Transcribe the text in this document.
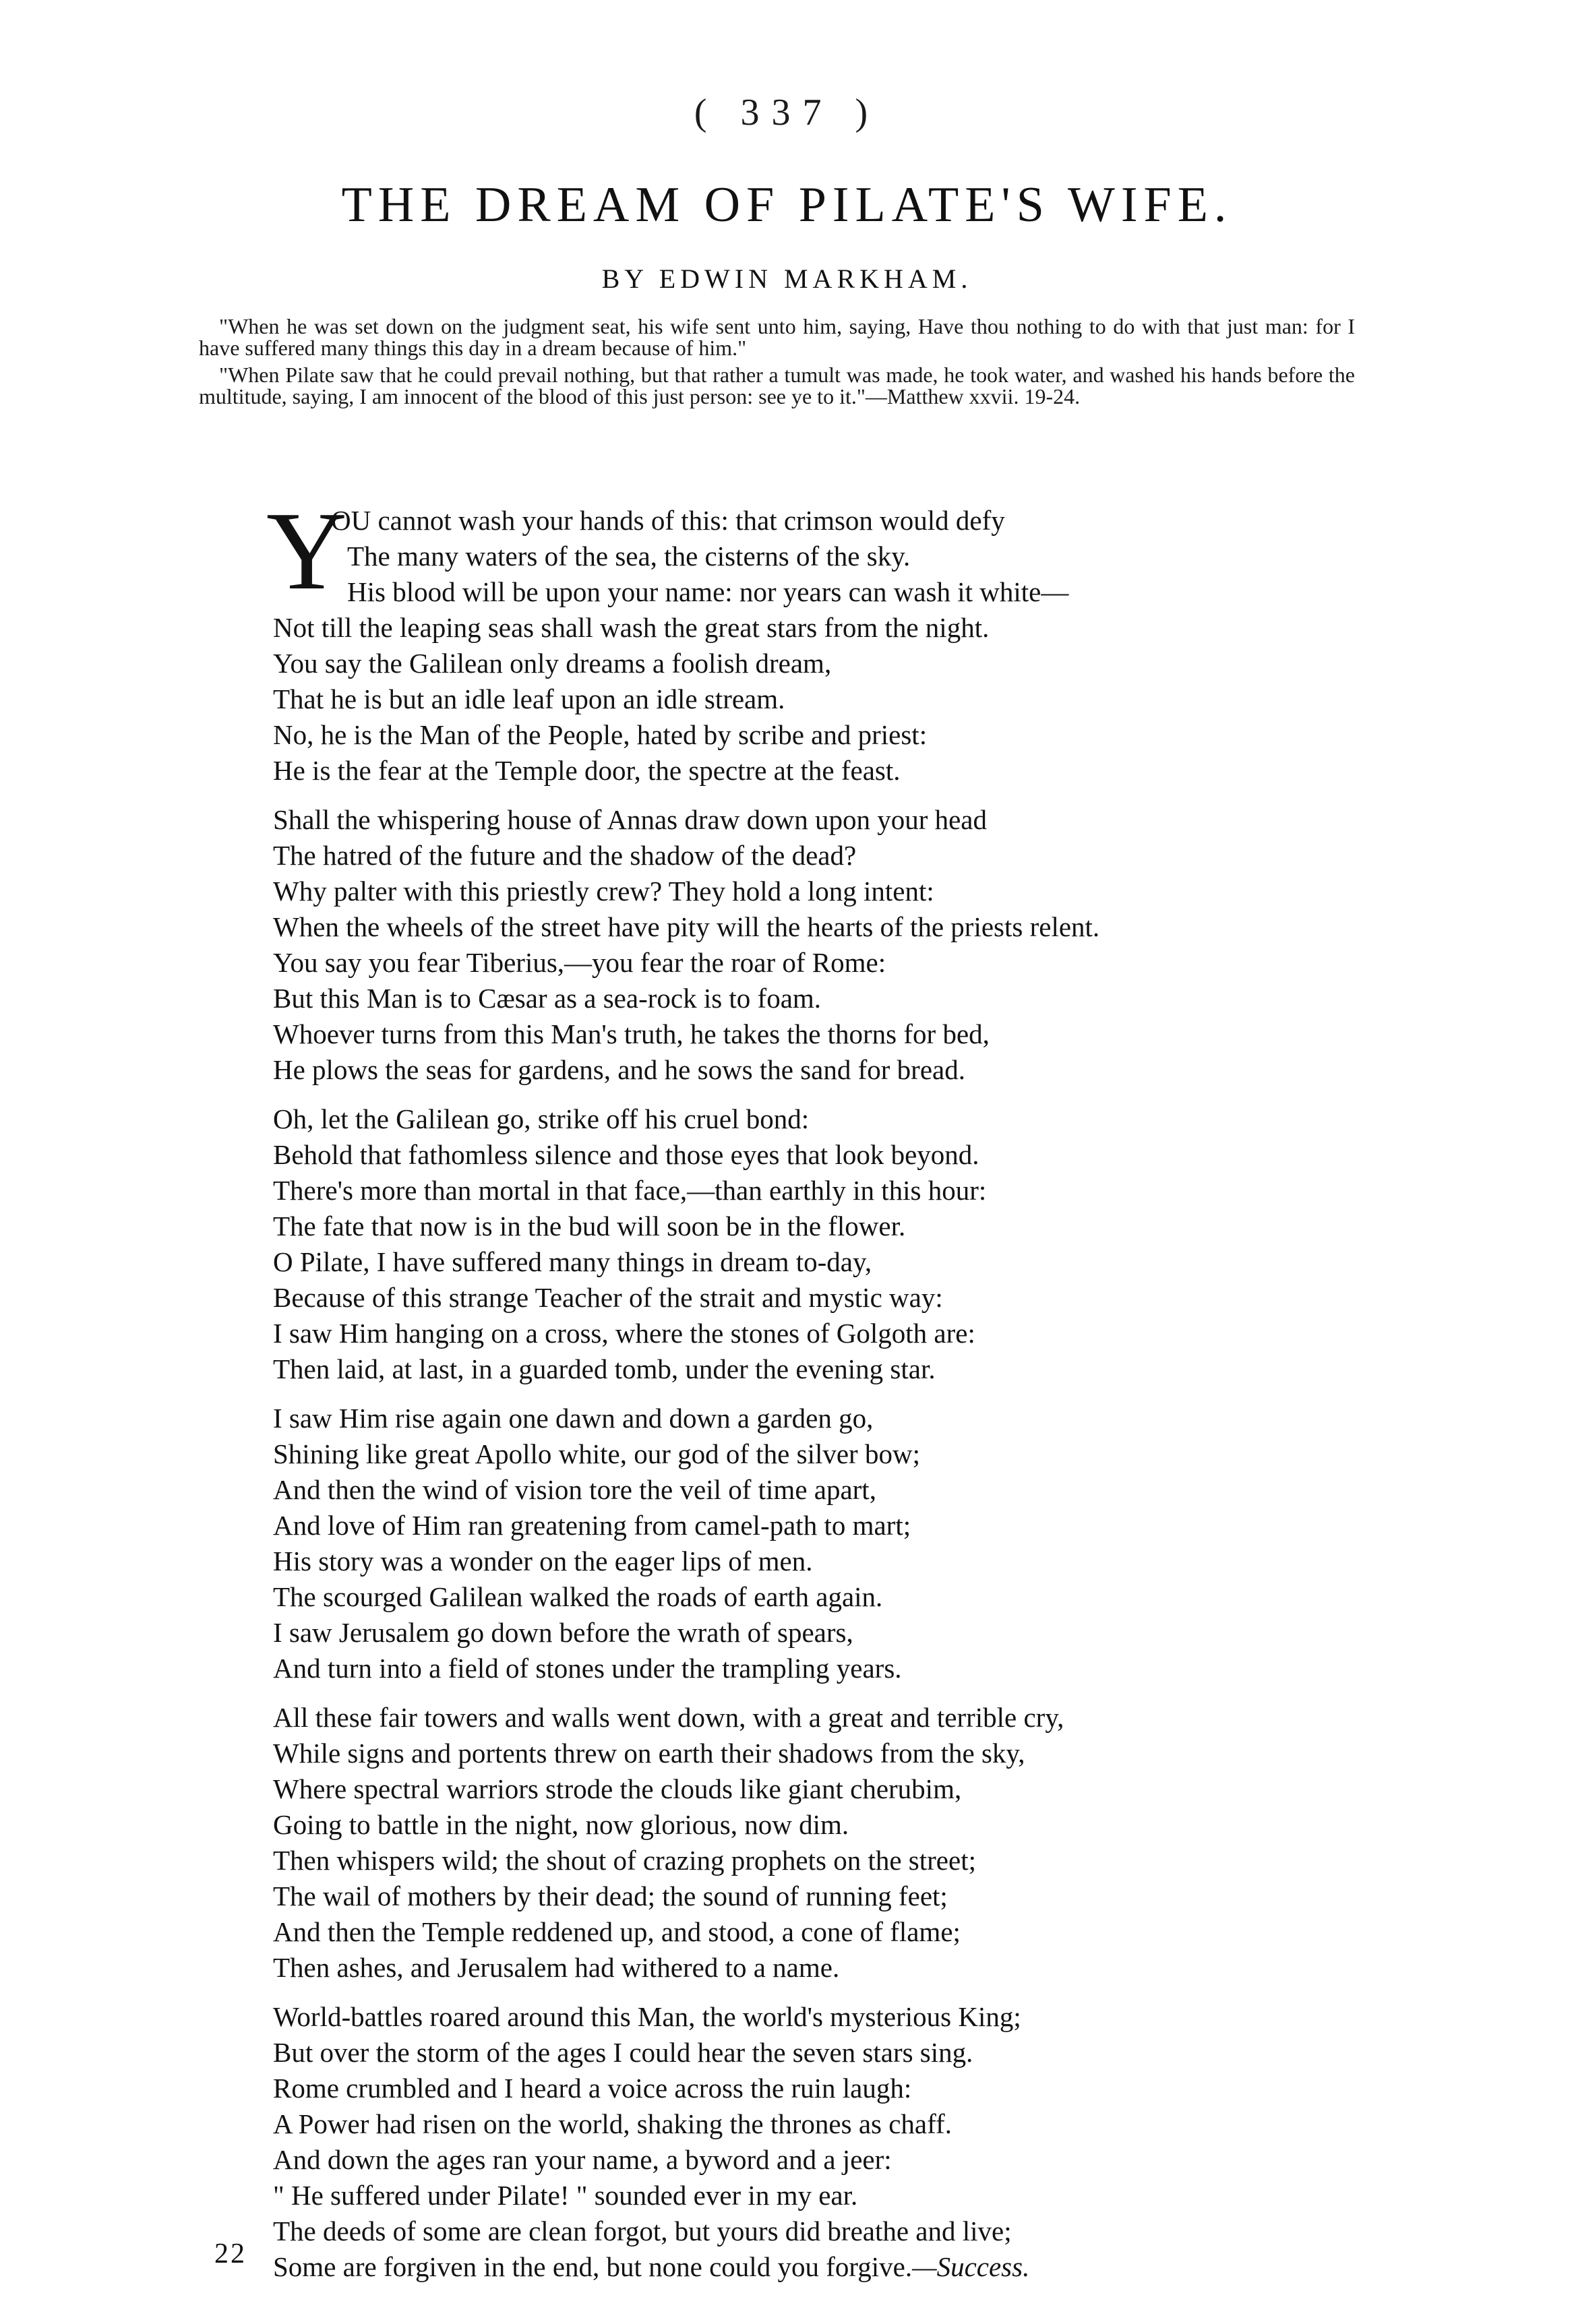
( 337 )
THE DREAM OF PILATE'S WIFE.
BY EDWIN MARKHAM.

"When he was set down on the judgment seat, his wife sent unto him, saying, Have thou nothing to do with that just man: for I have suffered many things this day in a dream because of him."

"When Pilate saw that he could prevail nothing, but that rather a tumult was made, he took water, and washed his hands before the multitude, saying, I am innocent of the blood of this just person: see ye to it."—Matthew xxvii. 19-24.

Y
OU cannot wash your hands of this: that crimson would defy
The many waters of the sea, the cisterns of the sky.
His blood will be upon your name: nor years can wash it white—
Not till the leaping seas shall wash the great stars from the night.
You say the Galilean only dreams a foolish dream,
That he is but an idle leaf upon an idle stream.
No, he is the Man of the People, hated by scribe and priest:
He is the fear at the Temple door, the spectre at the feast.
Shall the whispering house of Annas draw down upon your head
The hatred of the future and the shadow of the dead?
Why palter with this priestly crew? They hold a long intent:
When the wheels of the street have pity will the hearts of the priests relent.
You say you fear Tiberius,—you fear the roar of Rome:
But this Man is to Cæsar as a sea-rock is to foam.
Whoever turns from this Man's truth, he takes the thorns for bed,
He plows the seas for gardens, and he sows the sand for bread.
Oh, let the Galilean go, strike off his cruel bond:
Behold that fathomless silence and those eyes that look beyond.
There's more than mortal in that face,—than earthly in this hour:
The fate that now is in the bud will soon be in the flower.
O Pilate, I have suffered many things in dream to-day,
Because of this strange Teacher of the strait and mystic way:
I saw Him hanging on a cross, where the stones of Golgoth are:
Then laid, at last, in a guarded tomb, under the evening star.
I saw Him rise again one dawn and down a garden go,
Shining like great Apollo white, our god of the silver bow;
And then the wind of vision tore the veil of time apart,
And love of Him ran greatening from camel-path to mart;
His story was a wonder on the eager lips of men.
The scourged Galilean walked the roads of earth again.
I saw Jerusalem go down before the wrath of spears,
And turn into a field of stones under the trampling years.
All these fair towers and walls went down, with a great and terrible cry,
While signs and portents threw on earth their shadows from the sky,
Where spectral warriors strode the clouds like giant cherubim,
Going to battle in the night, now glorious, now dim.
Then whispers wild; the shout of crazing prophets on the street;
The wail of mothers by their dead; the sound of running feet;
And then the Temple reddened up, and stood, a cone of flame;
Then ashes, and Jerusalem had withered to a name.
World-battles roared around this Man, the world's mysterious King;
But over the storm of the ages I could hear the seven stars sing.
Rome crumbled and I heard a voice across the ruin laugh:
A Power had risen on the world, shaking the thrones as chaff.
And down the ages ran your name, a byword and a jeer:
" He suffered under Pilate! " sounded ever in my ear.
The deeds of some are clean forgot, but yours did breathe and live;
Some are forgiven in the end, but none could you forgive.—Success.
22
